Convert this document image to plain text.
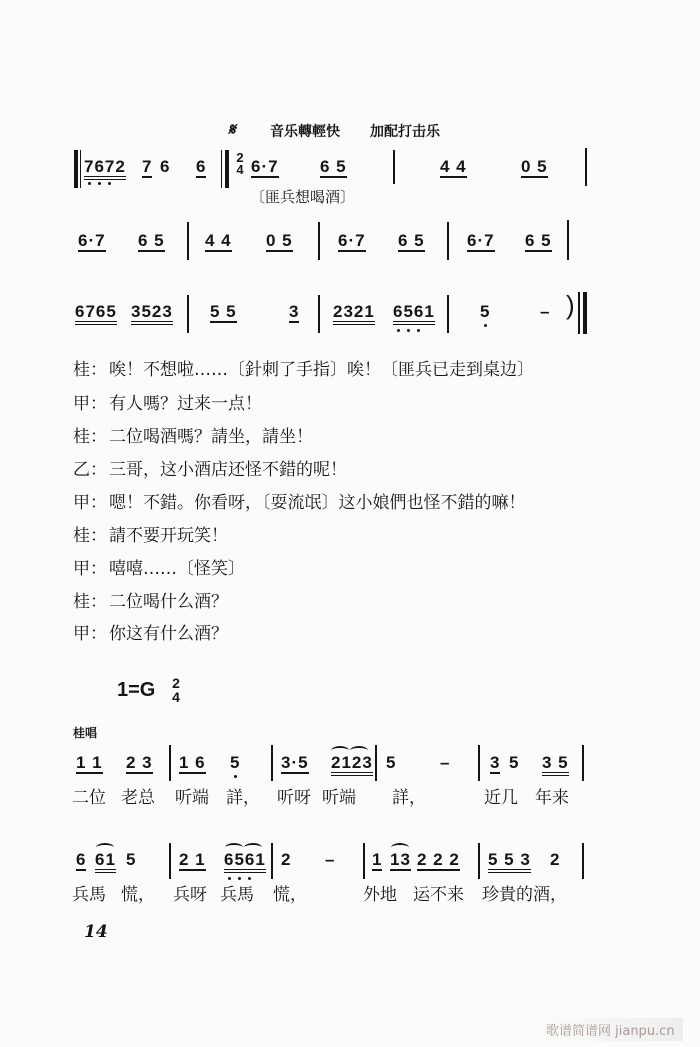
𝄋 音乐轉輕快 加配打击乐
7672 7 6 6 2
4 6·7 6 5	4 4	0 5
〔匪兵想喝酒〕
6·7 6 5 4 4 0 5	6·7 6 5 6·7 6 5
6765 3523 5 5	3 2321 6561	5	– )
桂： 唉！不想啦……〔針刺了手指〕唉！〔匪兵已走到桌边〕
甲： 有人嗎？过来一点！
桂： 二位喝酒嗎？請坐，請坐！
乙： 三哥，这小酒店还怪不錯的呢！
甲： 嗯！不錯。你看呀，〔耍流氓〕这小娘們也怪不錯的嘛！
桂： 請不要开玩笑！
甲： 嘻嘻……〔怪笑〕
桂： 二位喝什么酒？
甲： 你这有什么酒？
1=G 2
4
桂唱
1 1 2 3 1 6 5 3·5 2123 5	– 3 5 3 5
二位 老总 听端 詳， 听呀 听端 詳，	近几 年来
6 61 5	2 1 6561 2 – 1 13 2 2 2 5 5 3 2
兵馬 慌， 兵呀 兵馬 慌，	外地 运不来 珍貴的酒，
14
歌谱简谱网 jianpu.cn
